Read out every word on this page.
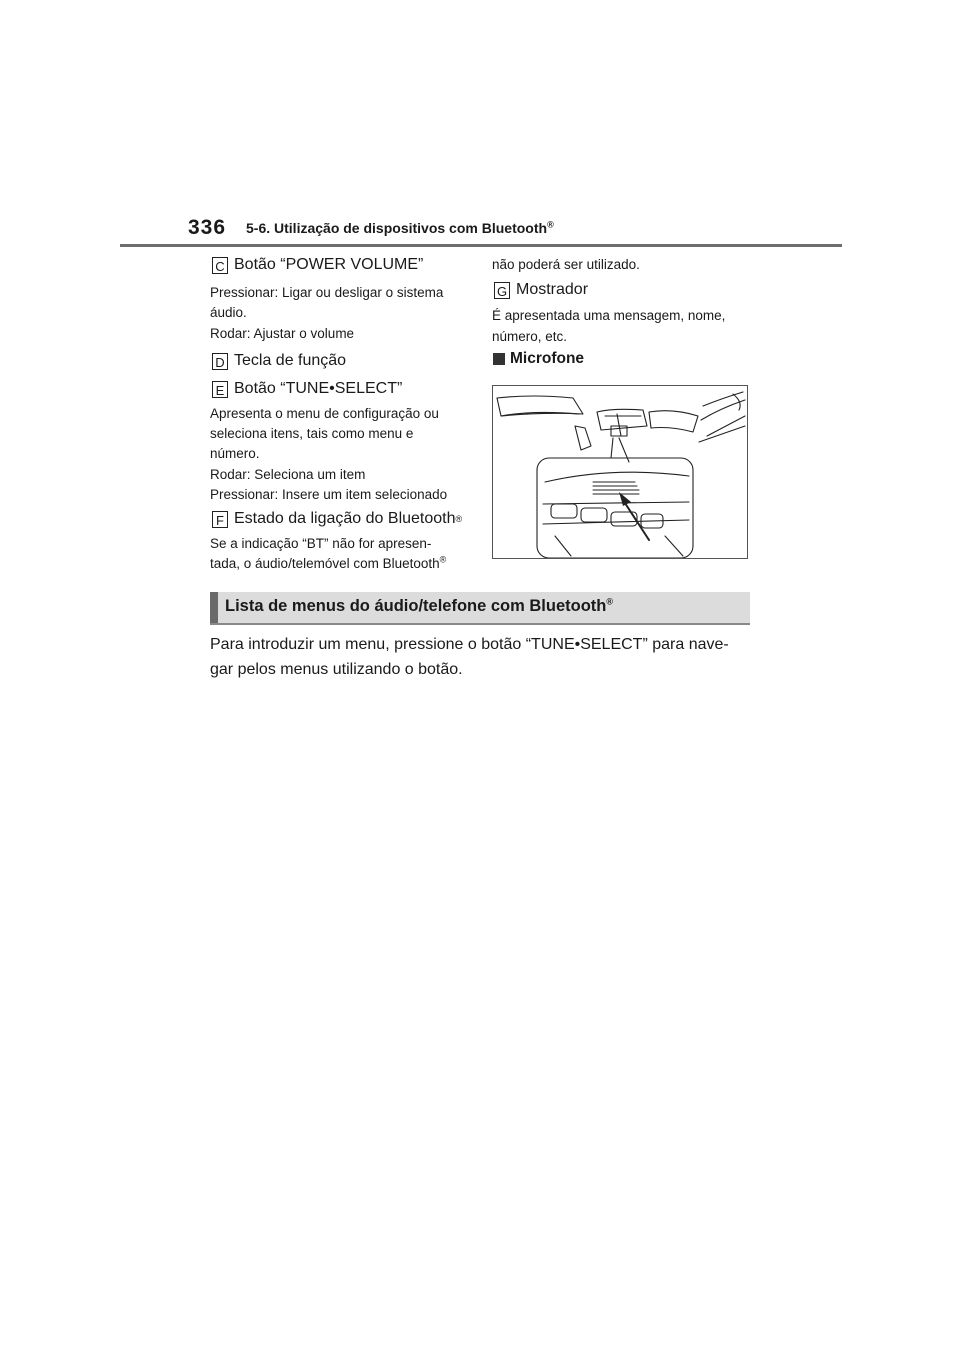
336 5-6. Utilização de dispositivos com Bluetooth®
C Botão “POWER VOLUME”
Pressionar: Ligar ou desligar o sistema
áudio.
Rodar: Ajustar o volume
D Tecla de função
E Botão “TUNE•SELECT”
Apresenta o menu de configuração ou
seleciona itens, tais como menu e
número.
Rodar: Seleciona um item
Pressionar: Insere um item selecionado
F Estado da ligação do Bluetooth ®
Se a indicação “BT” não for apresen-
tada, o áudio/telemóvel com Bluetooth®
não poderá ser utilizado.
G Mostrador
É apresentada uma mensagem, nome,
número, etc.
Microfone
Lista de menus do áudio/telefone com Bluetooth®
Para introduzir um menu, pressione o botão “TUNE•SELECT” para nave-
gar pelos menus utilizando o botão.
